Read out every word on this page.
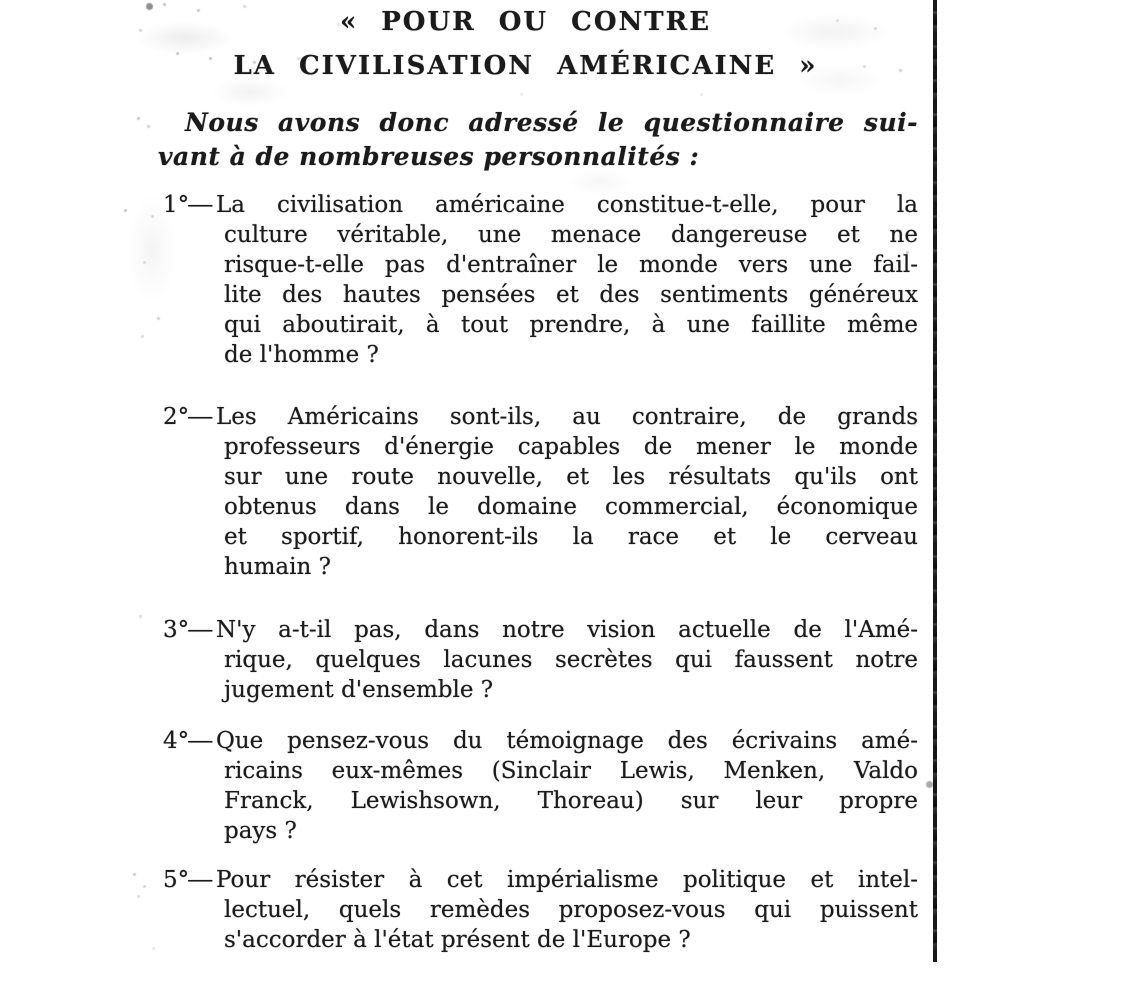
« POUR OU CONTRE
LA CIVILISATION AMÉRICAINE »

Nous avons donc adressé le questionnaire sui-

vant à de nombreuses personnalités :

1°
— La civilisation américaine constitue-t-elle, pour la
culture véritable, une menace dangereuse et ne
risque-t-elle pas d'entraîner le monde vers une fail-
lite des hautes pensées et des sentiments généreux
qui aboutirait, à tout prendre, à une faillite même
de l'homme ?
2°
— Les Américains sont-ils, au contraire, de grands
professeurs d'énergie capables de mener le monde
sur une route nouvelle, et les résultats qu'ils ont
obtenus dans le domaine commercial, économique
et sportif, honorent-ils la race et le cerveau
humain ?
3°
— N'y a-t-il pas, dans notre vision actuelle de l'Amé-
rique, quelques lacunes secrètes qui faussent notre
jugement d'ensemble ?
4°
— Que pensez-vous du témoignage des écrivains amé-
ricains eux-mêmes (Sinclair Lewis, Menken, Valdo
Franck, Lewishsown, Thoreau) sur leur propre
pays ?
5°
— Pour résister à cet impérialisme politique et intel-
lectuel, quels remèdes proposez-vous qui puissent
s'accorder à l'état présent de l'Europe ?
